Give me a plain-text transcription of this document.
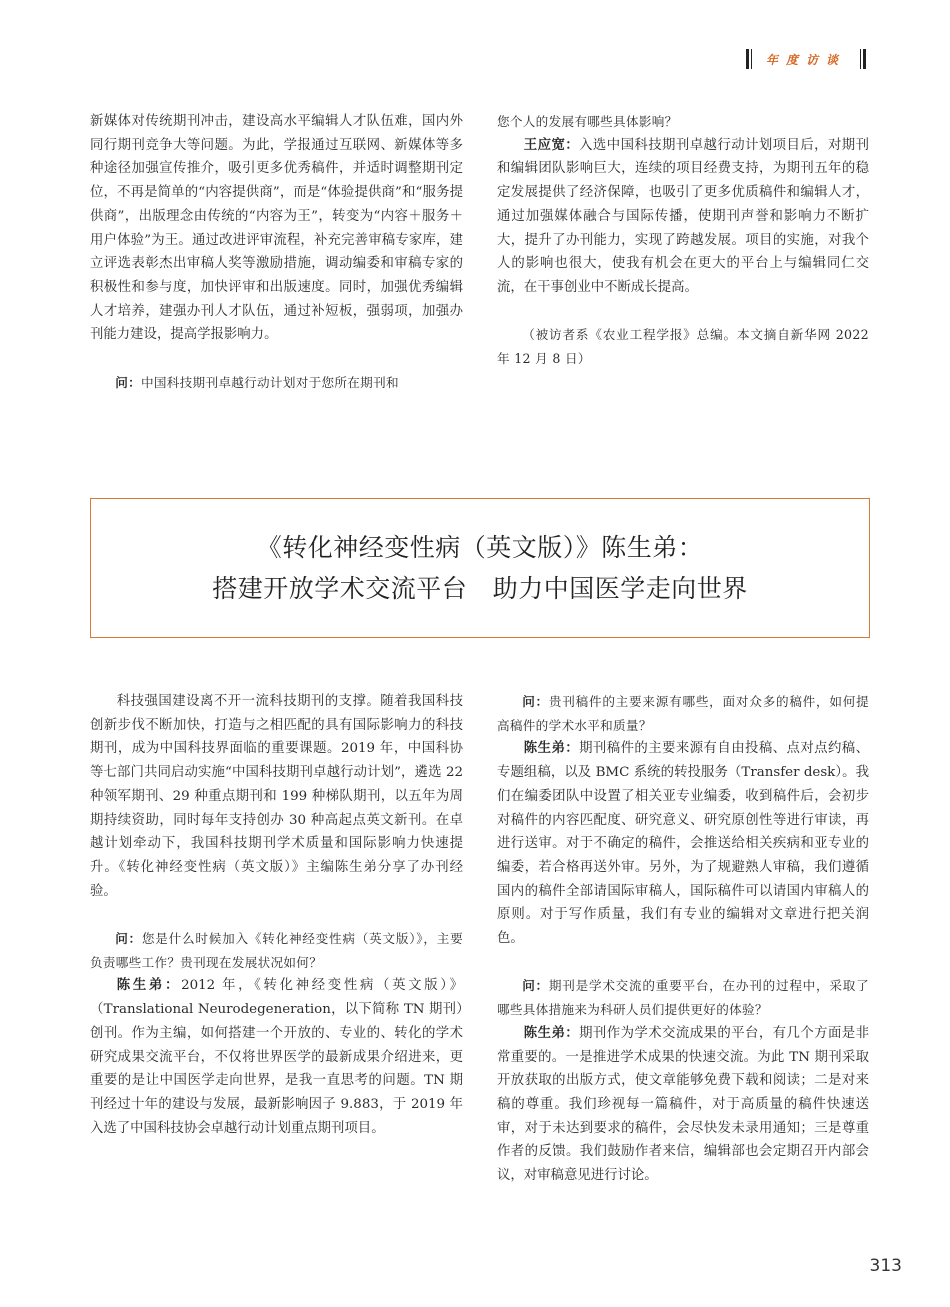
年度访谈

新媒体对传统期刊冲击，建设高水平编辑人才队伍难，国内外同行期刊竞争大等问题。为此，学报通过互联网、新媒体等多种途径加强宣传推介，吸引更多优秀稿件，并适时调整期刊定位，不再是简单的“内容提供商”，而是“体验提供商”和“服务提供商”，出版理念由传统的“内容为王”，转变为“内容＋服务＋用户体验”为王。通过改进评审流程，补充完善审稿专家库，建立评选表彰杰出审稿人奖等激励措施，调动编委和审稿专家的积极性和参与度，加快评审和出版速度。同时，加强优秀编辑人才培养，建强办刊人才队伍，通过补短板，强弱项，加强办刊能力建设，提高学报影响力。

问：中国科技期刊卓越行动计划对于您所在期刊和

您个人的发展有哪些具体影响？

王应宽：入选中国科技期刊卓越行动计划项目后，对期刊和编辑团队影响巨大，连续的项目经费支持，为期刊五年的稳定发展提供了经济保障，也吸引了更多优质稿件和编辑人才，通过加强媒体融合与国际传播，使期刊声誉和影响力不断扩大，提升了办刊能力，实现了跨越发展。项目的实施，对我个人的影响也很大，使我有机会在更大的平台上与编辑同仁交流，在干事创业中不断成长提高。

（被访者系《农业工程学报》总编。本文摘自新华网 2022 年 12 月 8 日）

《转化神经变性病（英文版）》陈生弟：
搭建开放学术交流平台　助力中国医学走向世界

科技强国建设离不开一流科技期刊的支撑。随着我国科技创新步伐不断加快，打造与之相匹配的具有国际影响力的科技期刊，成为中国科技界面临的重要课题。2019 年，中国科协等七部门共同启动实施“中国科技期刊卓越行动计划”，遴选 22 种领军期刊、29 种重点期刊和 199 种梯队期刊，以五年为周期持续资助，同时每年支持创办 30 种高起点英文新刊。在卓越计划牵动下，我国科技期刊学术质量和国际影响力快速提升。《转化神经变性病（英文版）》主编陈生弟分享了办刊经验。

问：您是什么时候加入《转化神经变性病（英文版）》，主要负责哪些工作？贵刊现在发展状况如何？

陈生弟：2012 年，《转化神经变性病（英文版）》（Translational Neurodegeneration，以下简称 TN 期刊）创刊。作为主编，如何搭建一个开放的、专业的、转化的学术研究成果交流平台，不仅将世界医学的最新成果介绍进来，更重要的是让中国医学走向世界，是我一直思考的问题。TN 期刊经过十年的建设与发展，最新影响因子 9.883，于 2019 年入选了中国科技协会卓越行动计划重点期刊项目。

问：贵刊稿件的主要来源有哪些，面对众多的稿件，如何提高稿件的学术水平和质量？

陈生弟：期刊稿件的主要来源有自由投稿、点对点约稿、专题组稿，以及 BMC 系统的转投服务（Transfer desk）。我们在编委团队中设置了相关亚专业编委，收到稿件后，会初步对稿件的内容匹配度、研究意义、研究原创性等进行审读，再进行送审。对于不确定的稿件，会推送给相关疾病和亚专业的编委，若合格再送外审。另外，为了规避熟人审稿，我们遵循国内的稿件全部请国际审稿人，国际稿件可以请国内审稿人的原则。对于写作质量，我们有专业的编辑对文章进行把关润色。

问：期刊是学术交流的重要平台，在办刊的过程中，采取了哪些具体措施来为科研人员们提供更好的体验？

陈生弟：期刊作为学术交流成果的平台，有几个方面是非常重要的。一是推进学术成果的快速交流。为此 TN 期刊采取开放获取的出版方式，使文章能够免费下载和阅读；二是对来稿的尊重。我们珍视每一篇稿件，对于高质量的稿件快速送审，对于未达到要求的稿件，会尽快发未录用通知；三是尊重作者的反馈。我们鼓励作者来信，编辑部也会定期召开内部会议，对审稿意见进行讨论。

313
